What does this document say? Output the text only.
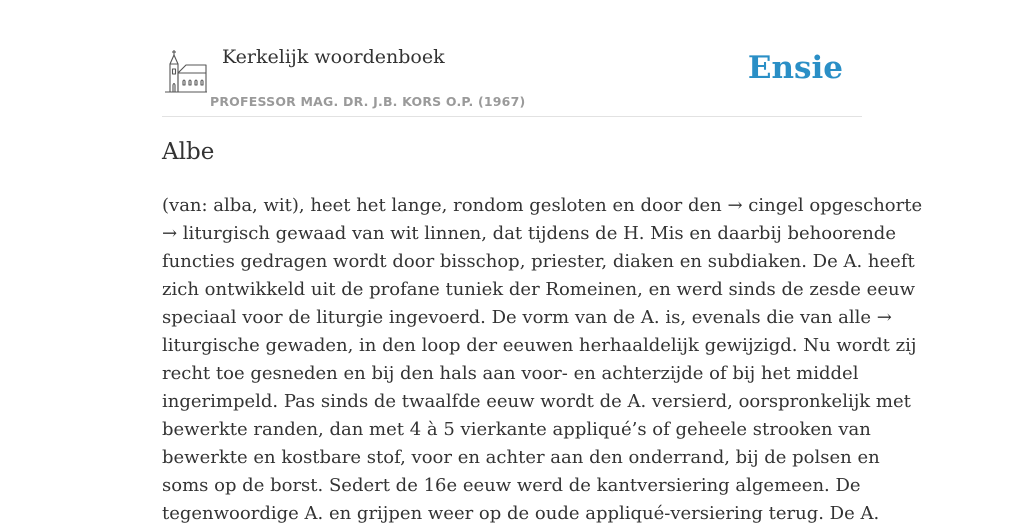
Kerkelijk woordenboek
PROFESSOR MAG. DR. J.B. KORS O.P. (1967)
Ensie
Albe
(van: alba, wit), heet het lange, rondom gesloten en door den → cingel opgeschorte
→ liturgisch gewaad van wit linnen, dat tijdens de H. Mis en daarbij behoorende
functies gedragen wordt door bisschop, priester, diaken en subdiaken. De A. heeft
zich ontwikkeld uit de profane tuniek der Romeinen, en werd sinds de zesde eeuw
speciaal voor de liturgie ingevoerd. De vorm van de A. is, evenals die van alle →
liturgische gewaden, in den loop der eeuwen herhaaldelijk gewijzigd. Nu wordt zij
recht toe gesneden en bij den hals aan voor- en achterzijde of bij het middel
ingerimpeld. Pas sinds de twaalfde eeuw wordt de A. versierd, oorspronkelijk met
bewerkte randen, dan met 4 à 5 vierkante appliqué’s of geheele strooken van
bewerkte en kostbare stof, voor en achter aan den onderrand, bij de polsen en
soms op de borst. Sedert de 16e eeuw werd de kantversiering algemeen. De
tegenwoordige A. en grijpen weer op de oude appliqué-versiering terug. De A.
